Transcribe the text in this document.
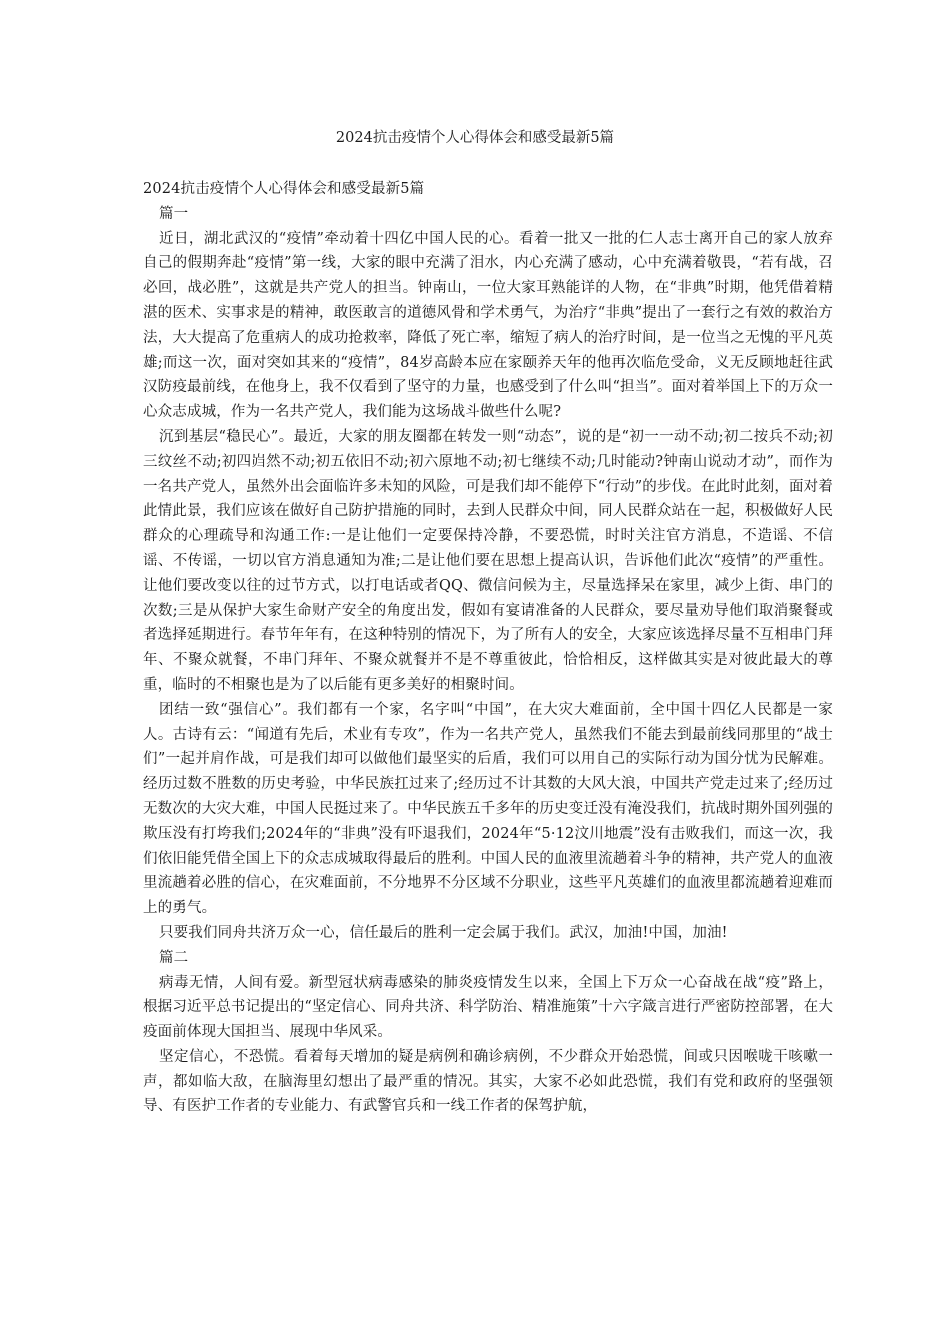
2024抗击疫情个人心得体会和感受最新5篇

2024抗击疫情个人心得体会和感受最新5篇

篇一

近日，湖北武汉的“疫情”牵动着十四亿中国人民的心。看着一批又一批的仁人志士离开自己的家人放弃自己的假期奔赴“疫情”第一线，大家的眼中充满了泪水，内心充满了感动，心中充满着敬畏，“若有战，召必回，战必胜”，这就是共产党人的担当。钟南山，一位大家耳熟能详的人物，在“非典”时期，他凭借着精湛的医术、实事求是的精神，敢医敢言的道德风骨和学术勇气，为治疗“非典”提出了一套行之有效的救治方法，大大提高了危重病人的成功抢救率，降低了死亡率，缩短了病人的治疗时间，是一位当之无愧的平凡英雄;而这一次，面对突如其来的“疫情”，84岁高龄本应在家颐养天年的他再次临危受命，义无反顾地赶往武汉防疫最前线，在他身上，我不仅看到了坚守的力量，也感受到了什么叫“担当”。面对着举国上下的万众一心众志成城，作为一名共产党人，我们能为这场战斗做些什么呢?

沉到基层“稳民心”。最近，大家的朋友圈都在转发一则“动态”，说的是“初一一动不动;初二按兵不动;初三纹丝不动;初四岿然不动;初五依旧不动;初六原地不动;初七继续不动;几时能动?钟南山说动才动”，而作为一名共产党人，虽然外出会面临许多未知的风险，可是我们却不能停下“行动”的步伐。在此时此刻，面对着此情此景，我们应该在做好自己防护措施的同时，去到人民群众中间，同人民群众站在一起，积极做好人民群众的心理疏导和沟通工作:一是让他们一定要保持冷静，不要恐慌，时时关注官方消息，不造谣、不信谣、不传谣，一切以官方消息通知为准;二是让他们要在思想上提高认识，告诉他们此次“疫情”的严重性。让他们要改变以往的过节方式，以打电话或者QQ、微信问候为主，尽量选择呆在家里，减少上街、串门的次数;三是从保护大家生命财产安全的角度出发，假如有宴请准备的人民群众，要尽量劝导他们取消聚餐或者选择延期进行。春节年年有，在这种特别的情况下，为了所有人的安全，大家应该选择尽量不互相串门拜年、不聚众就餐，不串门拜年、不聚众就餐并不是不尊重彼此，恰恰相反，这样做其实是对彼此最大的尊重，临时的不相聚也是为了以后能有更多美好的相聚时间。

团结一致“强信心”。我们都有一个家，名字叫“中国”，在大灾大难面前，全中国十四亿人民都是一家人。古诗有云：“闻道有先后，术业有专攻”，作为一名共产党人，虽然我们不能去到最前线同那里的“战士们”一起并肩作战，可是我们却可以做他们最坚实的后盾，我们可以用自己的实际行动为国分忧为民解难。经历过数不胜数的历史考验，中华民族扛过来了;经历过不计其数的大风大浪，中国共产党走过来了;经历过无数次的大灾大难，中国人民挺过来了。中华民族五千多年的历史变迁没有淹没我们，抗战时期外国列强的欺压没有打垮我们;2024年的“非典”没有吓退我们，2024年“5·12汶川地震”没有击败我们，而这一次，我们依旧能凭借全国上下的众志成城取得最后的胜利。中国人民的血液里流趟着斗争的精神，共产党人的血液里流趟着必胜的信心，在灾难面前，不分地界不分区域不分职业，这些平凡英雄们的血液里都流趟着迎难而上的勇气。

只要我们同舟共济万众一心，信任最后的胜利一定会属于我们。武汉，加油!中国，加油!

篇二

病毒无情，人间有爱。新型冠状病毒感染的肺炎疫情发生以来，全国上下万众一心奋战在战“疫”路上，根据习近平总书记提出的“坚定信心、同舟共济、科学防治、精准施策”十六字箴言进行严密防控部署，在大疫面前体现大国担当、展现中华风采。

坚定信心，不恐慌。看着每天增加的疑是病例和确诊病例，不少群众开始恐慌，间或只因喉咙干咳嗽一声，都如临大敌，在脑海里幻想出了最严重的情况。其实，大家不必如此恐慌，我们有党和政府的坚强领导、有医护工作者的专业能力、有武警官兵和一线工作者的保驾护航，
